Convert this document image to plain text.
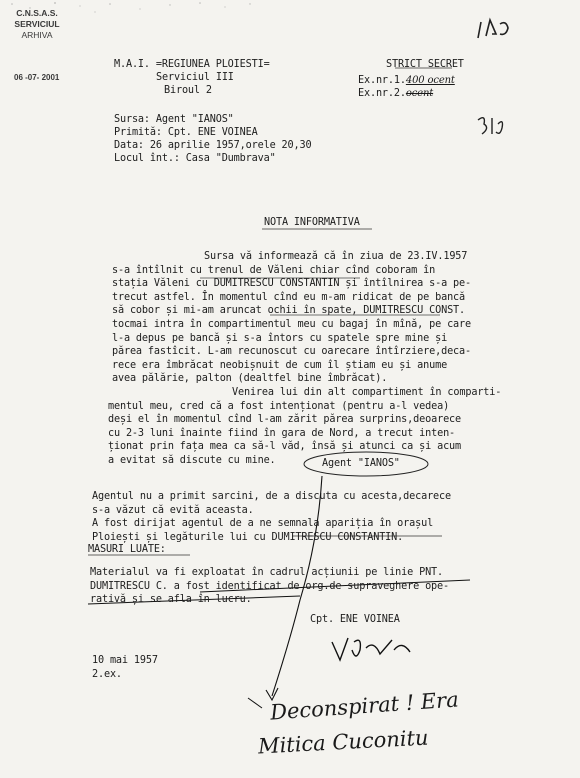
C.N.S.A.S.
SERVICIUL
ARHIVA
06 -07- 2001
M.A.I. =REGIUNEA PLOIESTI=
Serviciul III
Biroul 2
STRICT SECRET
Ex.nr.1.400 ocent
Ex.nr.2.ocent
Sursa: Agent "IANOS"
Primită: Cpt. ENE VOINEA
Data: 26 aprilie 1957,orele 20,30
Locul înt.: Casa "Dumbrava"
NOTA INFORMATIVA
Sursa vă informează că în ziua de 23.IV.1957
s-a întîlnit cu trenul de Văleni chiar cînd coboram în
stația Văleni cu DUMITRESCU CONSTANTIN și întîlnirea s-a pe-
trecut astfel. În momentul cînd eu m-am ridicat de pe bancă
să cobor și mi-am aruncat ochii în spate, DUMITRESCU CONST.
tocmai intra în compartimentul meu cu bagaj în mînă, pe care
l-a depus pe bancă și s-a întors cu spatele spre mine și
părea fastîcit. L-am recunoscut cu oarecare întîrziere,deca-
rece era îmbrăcat neobișnuit de cum îl știam eu și anume
avea pălărie, palton (dealtfel bine îmbrăcat).
Venirea lui din alt compartiment în comparti-
mentul meu, cred că a fost intenționat (pentru a-l vedea)
deși el în momentul cînd l-am zărit părea surprins,deoarece
cu 2-3 luni înainte fiind în gara de Nord, a trecut inten-
ționat prin fața mea ca să-l văd, însă și atunci ca și acum
a evitat să discute cu mine.	Agent "IANOS"
Agentul nu a primit sarcini, de a discuta cu acesta,decarece
s-a văzut că evită aceasta.
A fost dirijat agentul de a ne semnala apariția în orașul
Ploiești și legăturile lui cu DUMITRESCU CONSTANTIN.
MASURI LUATE:
Materialul va fi exploatat în cadrul acțiunii pe linie PNT.
DUMITRESCU C. a fost identificat de org.de supraveghere ope-
rativă și se afla în lucru.
Cpt. ENE VOINEA
10 mai 1957
2.ex.
Deconspirat ! Era
Mitica Cuconitu
